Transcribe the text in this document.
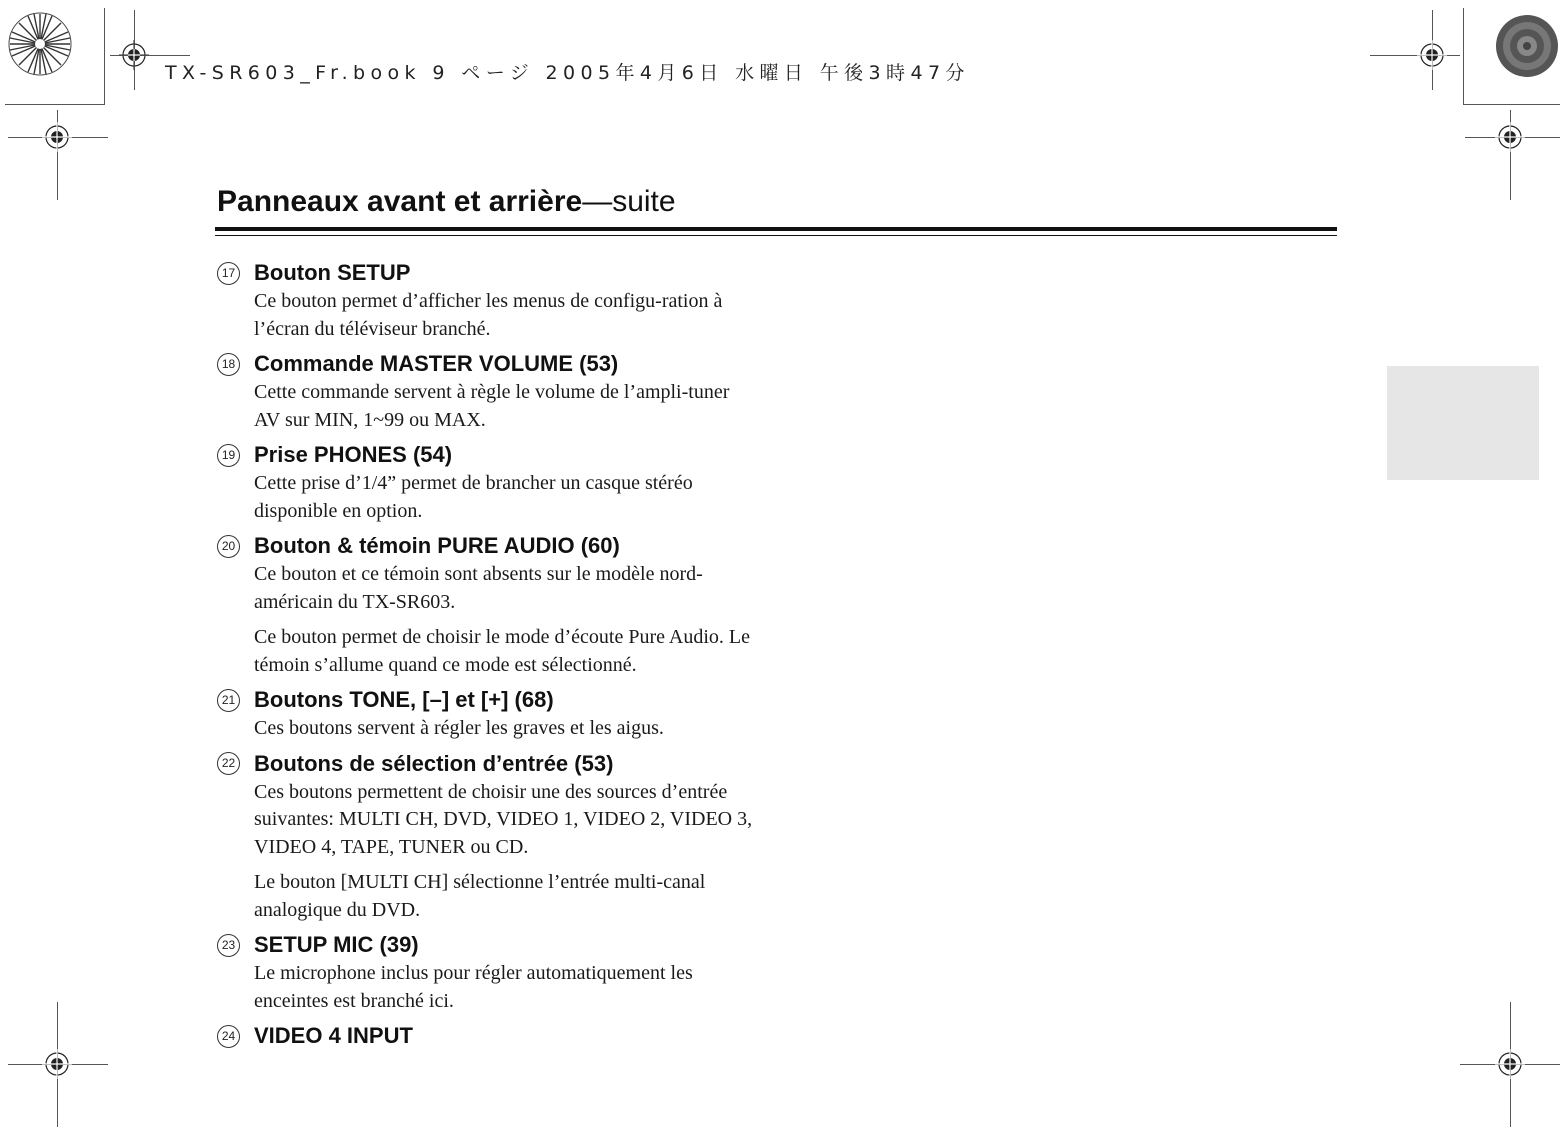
TX-SR603_Fr.book 9 ページ 2005年4月6日 水曜日 午後3時47分
Panneaux avant et arrière—suite
17 Bouton SETUP
Ce bouton permet d’afficher les menus de configu-ration à l’écran du téléviseur branché.
18 Commande MASTER VOLUME (53)
Cette commande servent à règle le volume de l’ampli-tuner AV sur MIN, 1~99 ou MAX.
19 Prise PHONES (54)
Cette prise d’1/4” permet de brancher un casque stéréo disponible en option.
20 Bouton & témoin PURE AUDIO (60)
Ce bouton et ce témoin sont absents sur le modèle nord-américain du TX-SR603.
Ce bouton permet de choisir le mode d’écoute Pure Audio. Le témoin s’allume quand ce mode est sélectionné.
21 Boutons TONE, [–] et [+] (68)
Ces boutons servent à régler les graves et les aigus.
22 Boutons de sélection d’entrée (53)
Ces boutons permettent de choisir une des sources d’entrée suivantes: MULTI CH, DVD, VIDEO 1, VIDEO 2, VIDEO 3, VIDEO 4, TAPE, TUNER ou CD.
Le bouton [MULTI CH] sélectionne l’entrée multi-canal analogique du DVD.
23 SETUP MIC (39)
Le microphone inclus pour régler automatiquement les enceintes est branché ici.
24 VIDEO 4 INPUT
